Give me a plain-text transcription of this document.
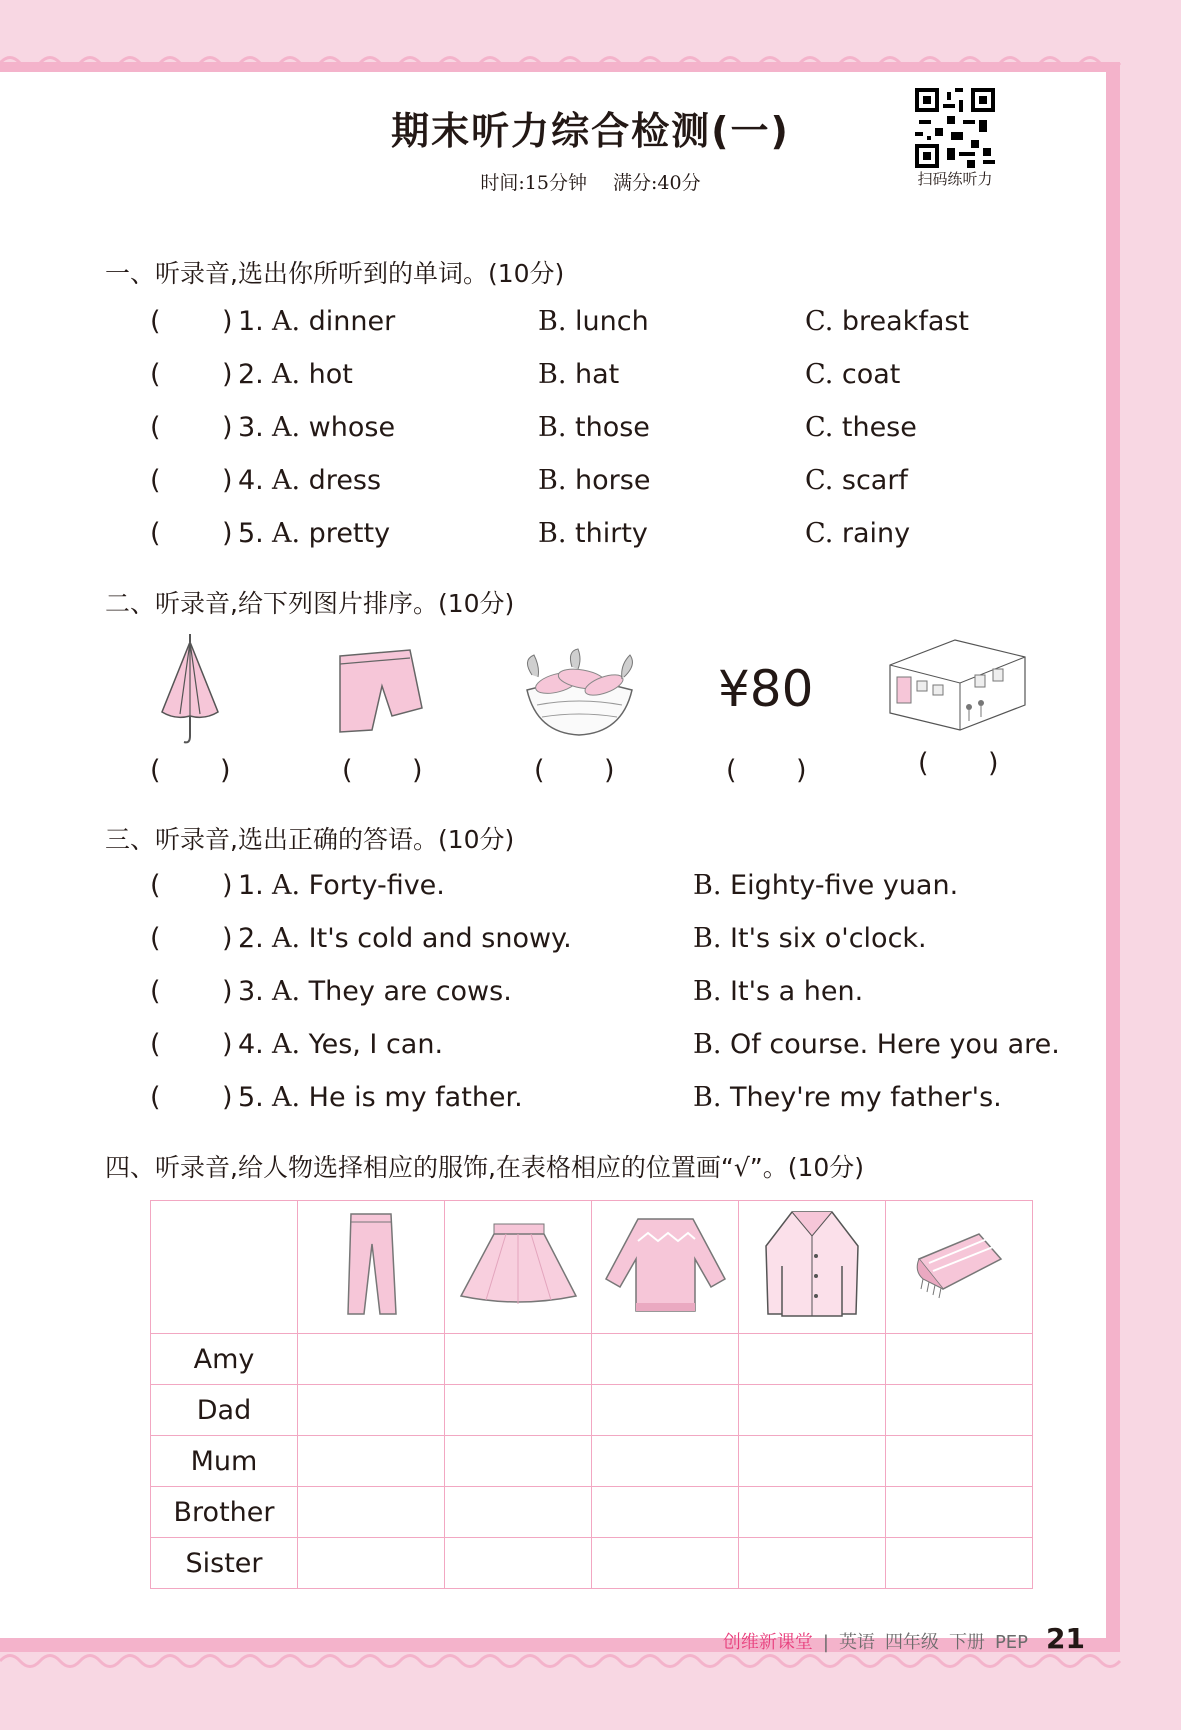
期末听力综合检测(一)
时间:15分钟 满分:40分	扫码练听力
一、听录音,选出你所听到的单词。(10分)
( ) 1. A. dinner	B. lunch	C. breakfast
( ) 2. A. hot	B. hat	C. coat
( ) 3. A. whose	B. those	C. these
( ) 4. A. dress	B. horse	C. scarf
( ) 5. A. pretty	B. thirty	C. rainy
二、听录音,给下列图片排序。(10分)
¥80
( )	( )	( )	( )	( )
三、听录音,选出正确的答语。(10分)
( ) 1. A. Forty-five.	B. Eighty-five yuan.
( ) 2. A. It's cold and snowy.	B. It's six o'clock.
( ) 3. A. They are cows.	B. It's a hen.
( ) 4. A. Yes, I can.	B. Of course. Here you are.
( ) 5. A. He is my father.	B. They're my father's.
四、听录音,给人物选择相应的服饰,在表格相应的位置画“√”。(10分)

Amy					
Dad					
Mum					
Brother					
Sister					
创维新课堂 | 英语 四年级 下册 PEP 21
